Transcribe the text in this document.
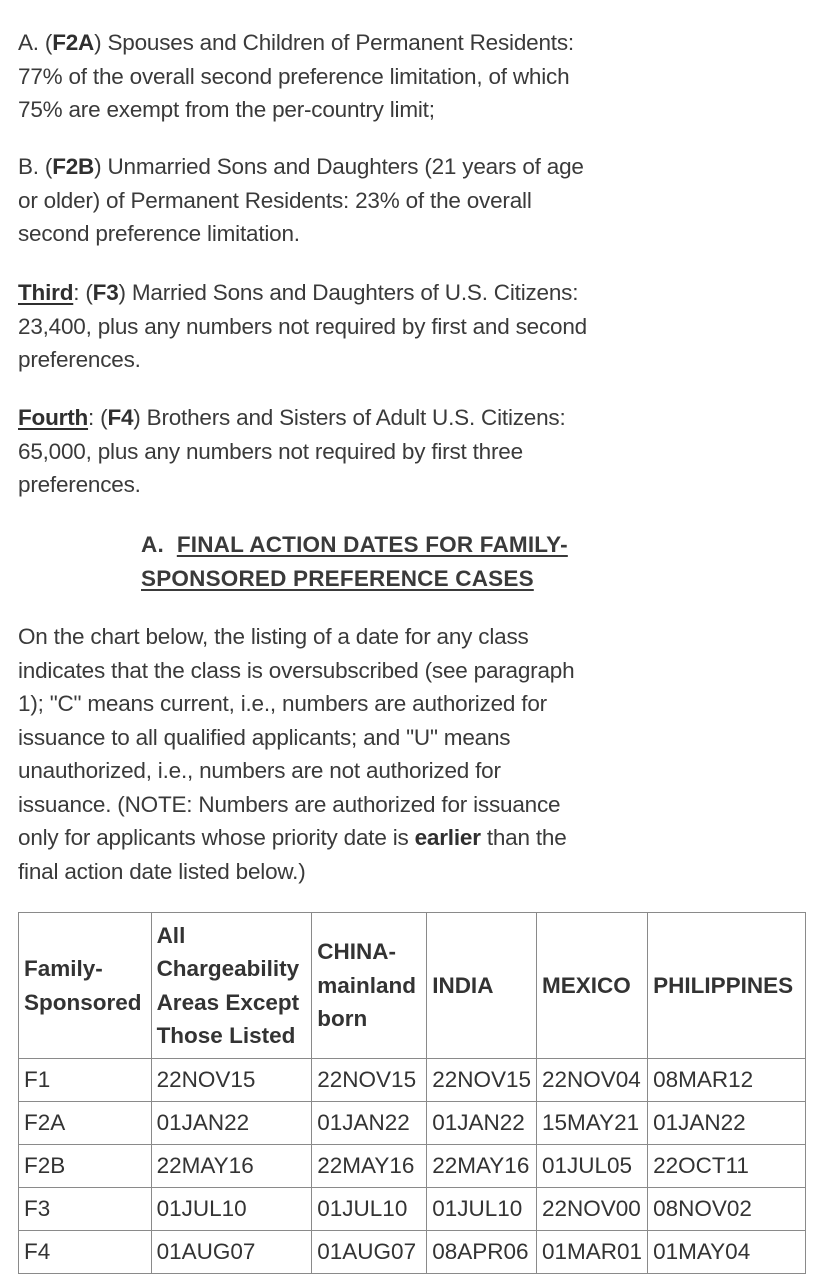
A. (F2A) Spouses and Children of Permanent Residents: 77% of the overall second preference limitation, of which 75% are exempt from the per-country limit;

B. (F2B) Unmarried Sons and Daughters (21 years of age or older) of Permanent Residents: 23% of the overall second preference limitation.

Third: (F3) Married Sons and Daughters of U.S. Citizens: 23,400, plus any numbers not required by first and second preferences.

Fourth: (F4) Brothers and Sisters of Adult U.S. Citizens: 65,000, plus any numbers not required by first three preferences.

A. FINAL ACTION DATES FOR FAMILY-SPONSORED PREFERENCE CASES

On the chart below, the listing of a date for any class indicates that the class is oversubscribed (see paragraph 1); "C" means current, i.e., numbers are authorized for issuance to all qualified applicants; and "U" means unauthorized, i.e., numbers are not authorized for issuance. (NOTE: Numbers are authorized for issuance only for applicants whose priority date is earlier than the final action date listed below.)

Family-Sponsored	All Chargeability Areas Except Those Listed	CHINA-mainland born	INDIA	MEXICO	PHILIPPINES
F1	22NOV15	22NOV15	22NOV15	22NOV04	08MAR12
F2A	01JAN22	01JAN22	01JAN22	15MAY21	01JAN22
F2B	22MAY16	22MAY16	22MAY16	01JUL05	22OCT11
F3	01JUL10	01JUL10	01JUL10	22NOV00	08NOV02
F4	01AUG07	01AUG07	08APR06	01MAR01	01MAY04
